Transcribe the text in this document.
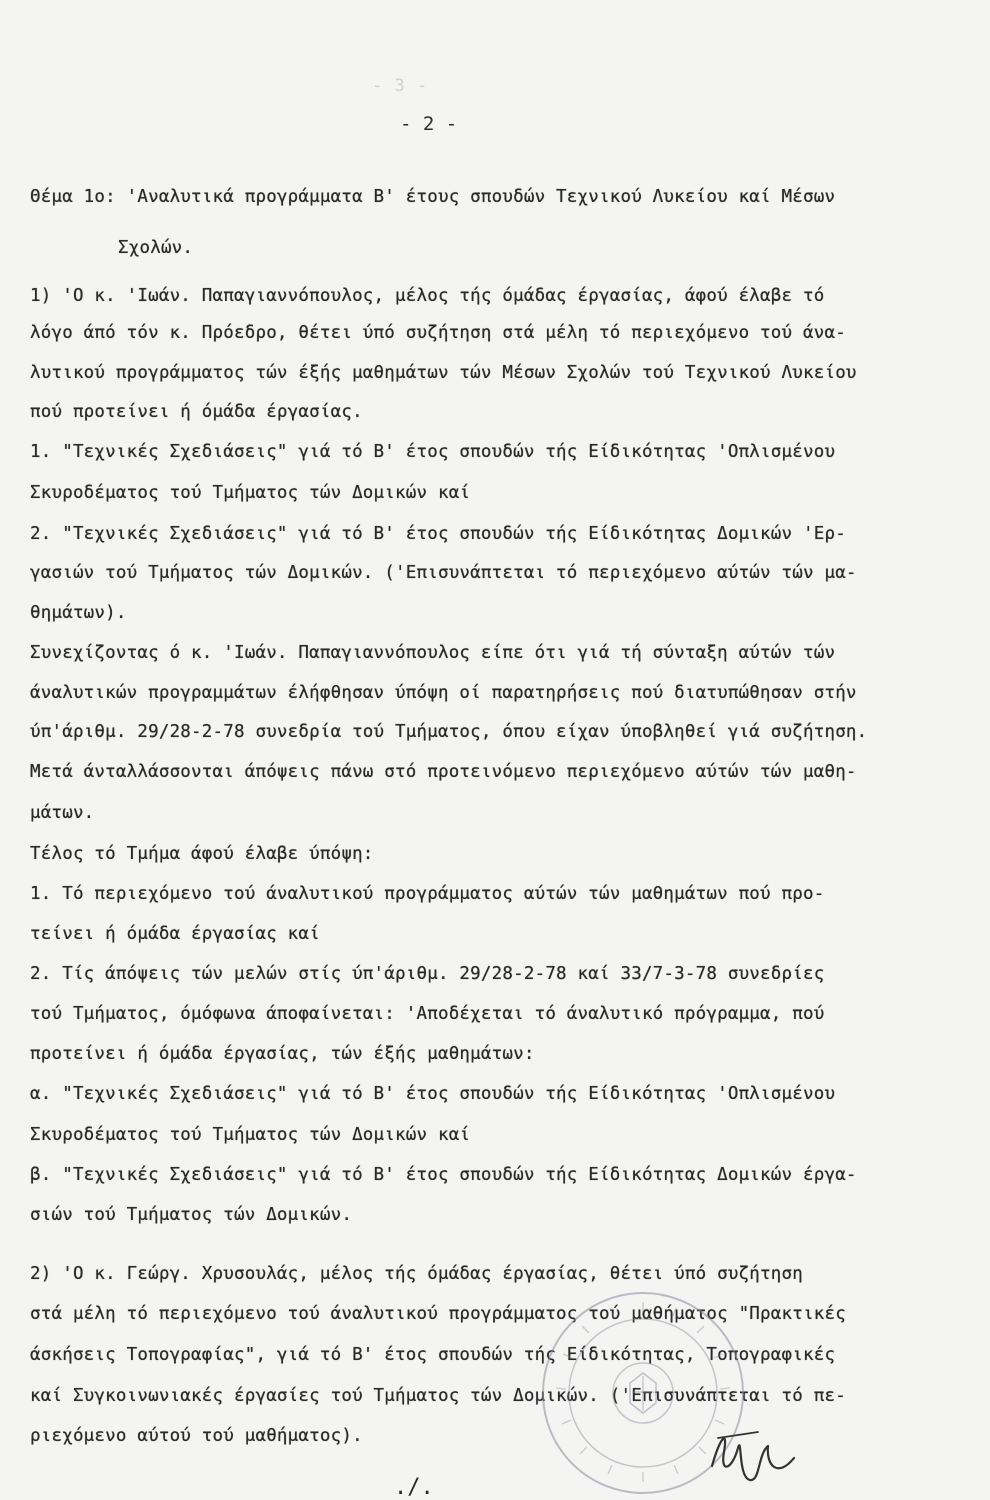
- 3 -
- 2 -
Θέμα 1ο: 'Αναλυτικά προγράμματα Β' έτους σπουδών Τεχνικού Λυκείου καί Μέσων
Σχολών.
1) 'Ο κ. 'Ιωάν. Παπαγιαννόπουλος, μέλος τής όμάδας έργασίας, άφού έλαβε τό
λόγο άπό τόν κ. Πρόεδρο, θέτει ύπό συζήτηση στά μέλη τό περιεχόμενο τού άνα-
λυτικού προγράμματος τών έξής μαθημάτων τών Μέσων Σχολών τού Τεχνικού Λυκείου
πού προτείνει ή όμάδα έργασίας.
1. "Τεχνικές Σχεδιάσεις" γιά τό Β' έτος σπουδών τής Είδικότητας 'Οπλισμένου
Σκυροδέματος τού Τμήματος τών Δομικών καί
2. "Τεχνικές Σχεδιάσεις" γιά τό Β' έτος σπουδών τής Είδικότητας Δομικών 'Ερ-
γασιών τού Τμήματος τών Δομικών. ('Επισυνάπτεται τό περιεχόμενο αύτών τών μα-
θημάτων).
Συνεχίζοντας ό κ. 'Ιωάν. Παπαγιαννόπουλος είπε ότι γιά τή σύνταξη αύτών τών
άναλυτικών προγραμμάτων έλήφθησαν ύπόψη οί παρατηρήσεις πού διατυπώθησαν στήν
ύπ'άριθμ. 29/28-2-78 συνεδρία τού Τμήματος, όπου είχαν ύποβληθεί γιά συζήτηση.
Μετά άνταλλάσσονται άπόψεις πάνω στό προτεινόμενο περιεχόμενο αύτών τών μαθη-
μάτων.
Τέλος τό Τμήμα άφού έλαβε ύπόψη:
1. Τό περιεχόμενο τού άναλυτικού προγράμματος αύτών τών μαθημάτων πού προ-
τείνει ή όμάδα έργασίας καί
2. Τίς άπόψεις τών μελών στίς ύπ'άριθμ. 29/28-2-78 καί 33/7-3-78 συνεδρίες
τού Τμήματος, όμόφωνα άποφαίνεται: 'Αποδέχεται τό άναλυτικό πρόγραμμα, πού
προτείνει ή όμάδα έργασίας, τών έξής μαθημάτων:
α. "Τεχνικές Σχεδιάσεις" γιά τό Β' έτος σπουδών τής Είδικότητας 'Οπλισμένου
Σκυροδέματος τού Τμήματος τών Δομικών καί
β. "Τεχνικές Σχεδιάσεις" γιά τό Β' έτος σπουδών τής Είδικότητας Δομικών έργα-
σιών τού Τμήματος τών Δομικών.
2) 'Ο κ. Γεώργ. Χρυσουλάς, μέλος τής όμάδας έργασίας, θέτει ύπό συζήτηση
στά μέλη τό περιεχόμενο τού άναλυτικού προγράμματος τού μαθήματος "Πρακτικές
άσκήσεις Τοπογραφίας", γιά τό Β' έτος σπουδών τής Είδικότητας, Τοπογραφικές
καί Συγκοινωνιακές έργασίες τού Τμήματος τών Δομικών. ('Επισυνάπτεται τό πε-
ριεχόμενο αύτού τού μαθήματος).
./.
